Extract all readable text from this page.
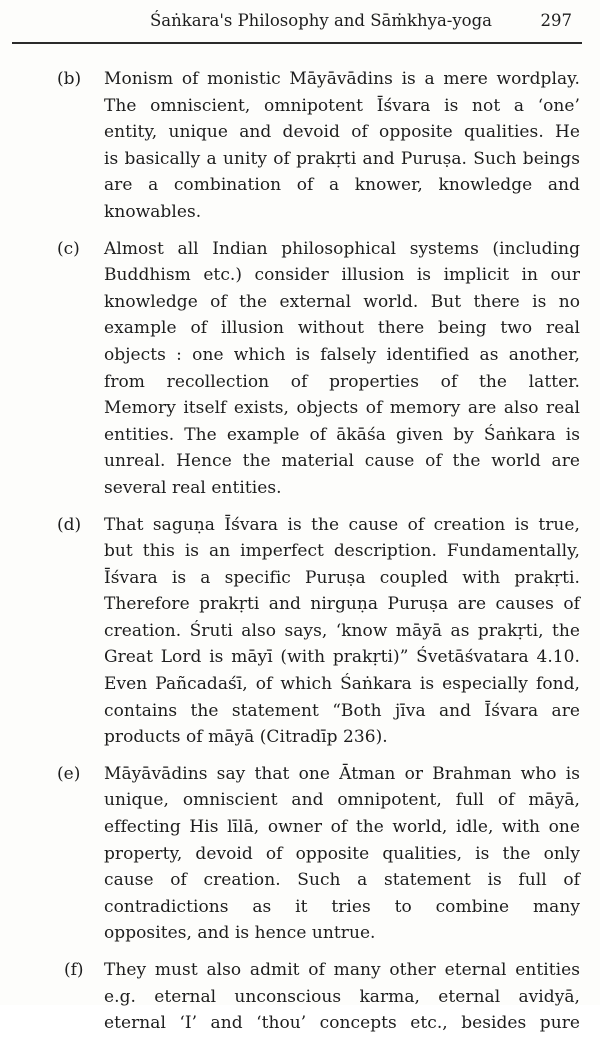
Śaṅkara's Philosophy and Sāṁkhya-yoga	297
(b) Monism of monistic Māyāvādins is a mere wordplay.
The omniscient, omnipotent Īśvara is not a ‘one’
entity, unique and devoid of opposite qualities. He
is basically a unity of prakṛti and Puruṣa. Such beings
are a combination of a knower, knowledge and
knowables.
(c) Almost all Indian philosophical systems (including
Buddhism etc.) consider illusion is implicit in our
knowledge of the external world. But there is no
example of illusion without there being two real
objects : one which is falsely identified as another,
from recollection of properties of the latter.
Memory itself exists, objects of memory are also real
entities. The example of ākāśa given by Śaṅkara is
unreal. Hence the material cause of the world are
several real entities.
(d) That saguṇa Īśvara is the cause of creation is true,
but this is an imperfect description. Fundamentally,
Īśvara is a specific Puruṣa coupled with prakṛti.
Therefore prakṛti and nirguṇa Puruṣa are causes of
creation. Śruti also says, ‘know māyā as prakṛti, the
Great Lord is māyī (with prakṛti)” Śvetāśvatara 4.10.
Even Pañcadaśī, of which Śaṅkara is especially fond,
contains the statement “Both jīva and Īśvara are
products of māyā (Citradīp 236).
(e) Māyāvādins say that one Ātman or Brahman who is
unique, omniscient and omnipotent, full of māyā,
effecting His līlā, owner of the world, idle, with one
property, devoid of opposite qualities, is the only
cause of creation. Such a statement is full of
contradictions as it tries to combine many
opposites, and is hence untrue.
(f) They must also admit of many other eternal entities
e.g. eternal unconscious karma, eternal avidyā,
eternal ‘I’ and ‘thou’ concepts etc., besides pure
